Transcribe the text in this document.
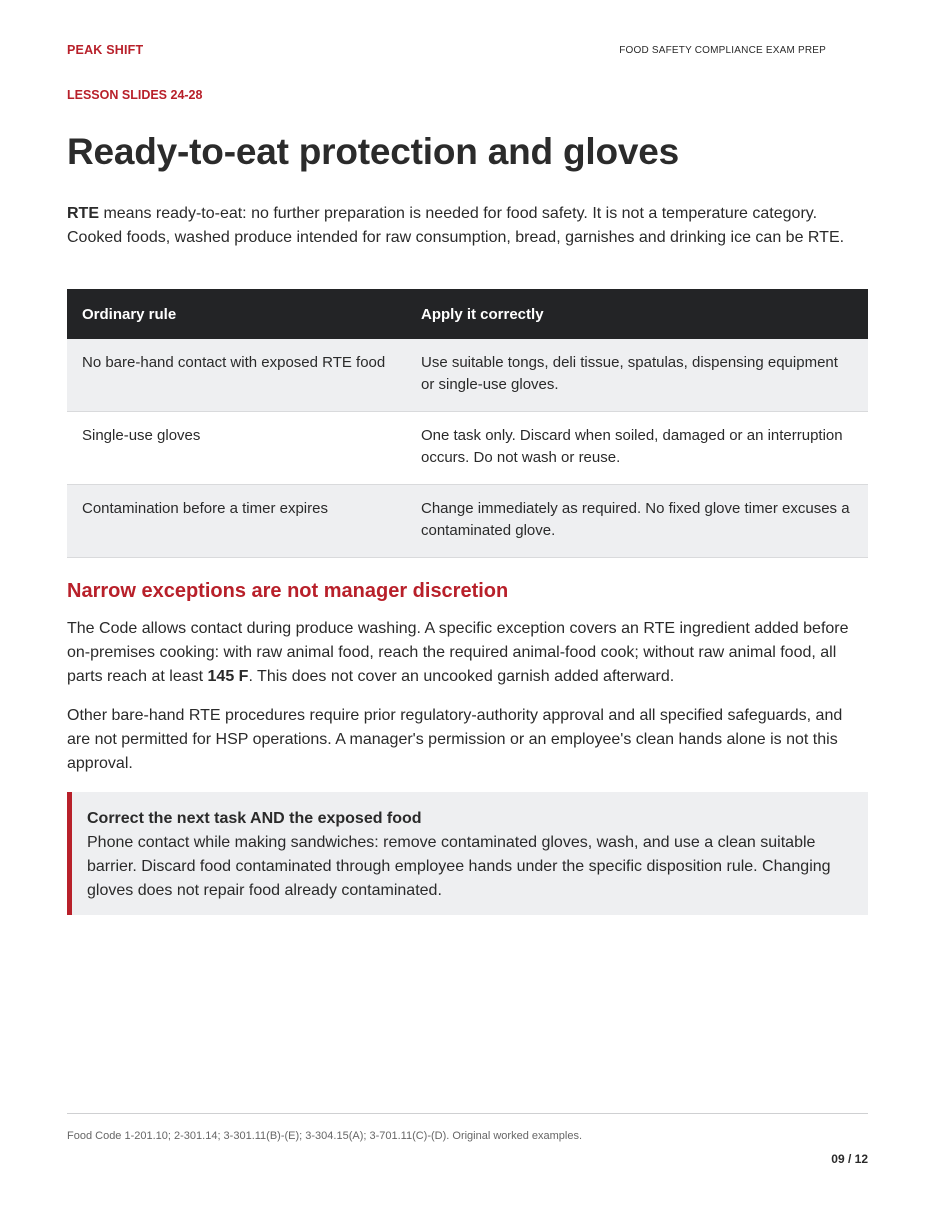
PEAK SHIFT	FOOD SAFETY COMPLIANCE EXAM PREP
LESSON SLIDES 24-28
Ready-to-eat protection and gloves

RTE means ready-to-eat: no further preparation is needed for food safety. It is not a temperature category. Cooked foods, washed produce intended for raw consumption, bread, garnishes and drinking ice can be RTE.

Ordinary rule	Apply it correctly
No bare-hand contact with exposed RTE food	Use suitable tongs, deli tissue, spatulas, dispensing equipment or single-use gloves.
Single-use gloves	One task only. Discard when soiled, damaged or an interruption occurs. Do not wash or reuse.
Contamination before a timer expires	Change immediately as required. No fixed glove timer excuses a contaminated glove.
Narrow exceptions are not manager discretion

The Code allows contact during produce washing. A specific exception covers an RTE ingredient added before on-premises cooking: with raw animal food, reach the required animal-food cook; without raw animal food, all parts reach at least 145 F. This does not cover an uncooked garnish added afterward.

Other bare-hand RTE procedures require prior regulatory-authority approval and all specified safeguards, and are not permitted for HSP operations. A manager's permission or an employee's clean hands alone is not this approval.

Correct the next task AND the exposed food
Phone contact while making sandwiches: remove contaminated gloves, wash, and use a clean suitable barrier. Discard food contaminated through employee hands under the specific disposition rule. Changing gloves does not repair food already contaminated.
Food Code 1-201.10; 2-301.14; 3-301.11(B)-(E); 3-304.15(A); 3-701.11(C)-(D). Original worked examples.
09 / 12
